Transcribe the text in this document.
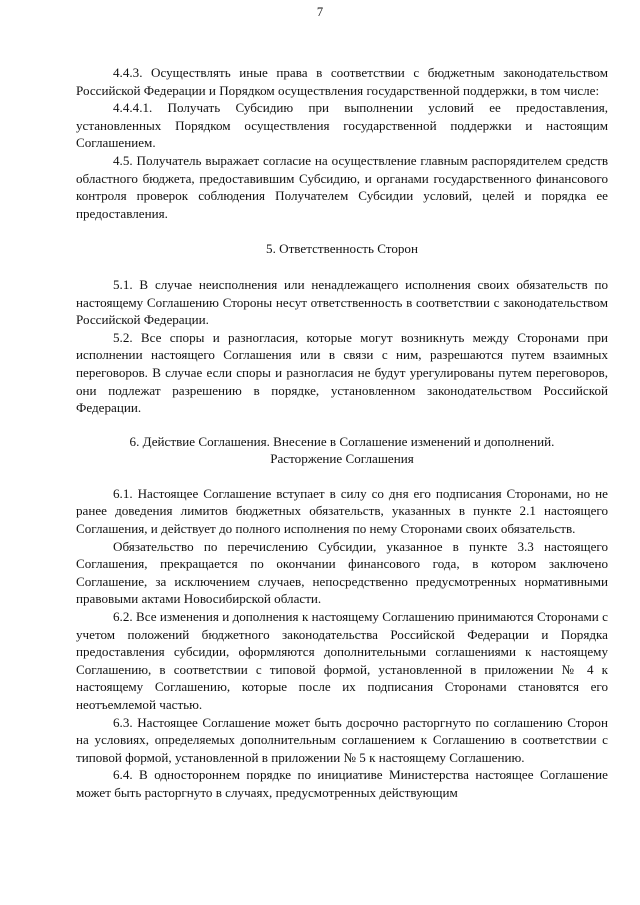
7

4.4.3. Осуществлять иные права в соответствии с бюджетным законодательством Российской Федерации и Порядком осуществления государственной поддержки, в том числе:

4.4.4.1. Получать Субсидию при выполнении условий ее предоставления, установленных Порядком осуществления государственной поддержки и настоящим Соглашением.

4.5. Получатель выражает согласие на осуществление главным распорядителем средств областного бюджета, предоставившим Субсидию, и органами государственного финансового контроля проверок соблюдения Получателем Субсидии условий, целей и порядка ее предоставления.

5. Ответственность Сторон

5.1. В случае неисполнения или ненадлежащего исполнения своих обязательств по настоящему Соглашению Стороны несут ответственность в соответствии с законодательством Российской Федерации.

5.2. Все споры и разногласия, которые могут возникнуть между Сторонами при исполнении настоящего Соглашения или в связи с ним, разрешаются путем взаимных переговоров. В случае если споры и разногласия не будут урегулированы путем переговоров, они подлежат разрешению в порядке, установленном законодательством Российской Федерации.

6. Действие Соглашения. Внесение в Соглашение изменений и дополнений.

Расторжение Соглашения

6.1. Настоящее Соглашение вступает в силу со дня его подписания Сторонами, но не ранее доведения лимитов бюджетных обязательств, указанных в пункте 2.1 настоящего Соглашения, и действует до полного исполнения по нему Сторонами своих обязательств.

Обязательство по перечислению Субсидии, указанное в пункте 3.3 настоящего Соглашения, прекращается по окончании финансового года, в котором заключено Соглашение, за исключением случаев, непосредственно предусмотренных нормативными правовыми актами Новосибирской области.

6.2. Все изменения и дополнения к настоящему Соглашению принимаются Сторонами с учетом положений бюджетного законодательства Российской Федерации и Порядка предоставления субсидии, оформляются дополнительными соглашениями к настоящему Соглашению, в соответствии с типовой формой, установленной в приложении № 4 к настоящему Соглашению, которые после их подписания Сторонами становятся его неотъемлемой частью.

6.3. Настоящее Соглашение может быть досрочно расторгнуто по соглашению Сторон на условиях, определяемых дополнительным соглашением к Соглашению в соответствии с типовой формой, установленной в приложении № 5 к настоящему Соглашению.

6.4. В одностороннем порядке по инициативе Министерства настоящее Соглашение может быть расторгнуто в случаях, предусмотренных действующим
